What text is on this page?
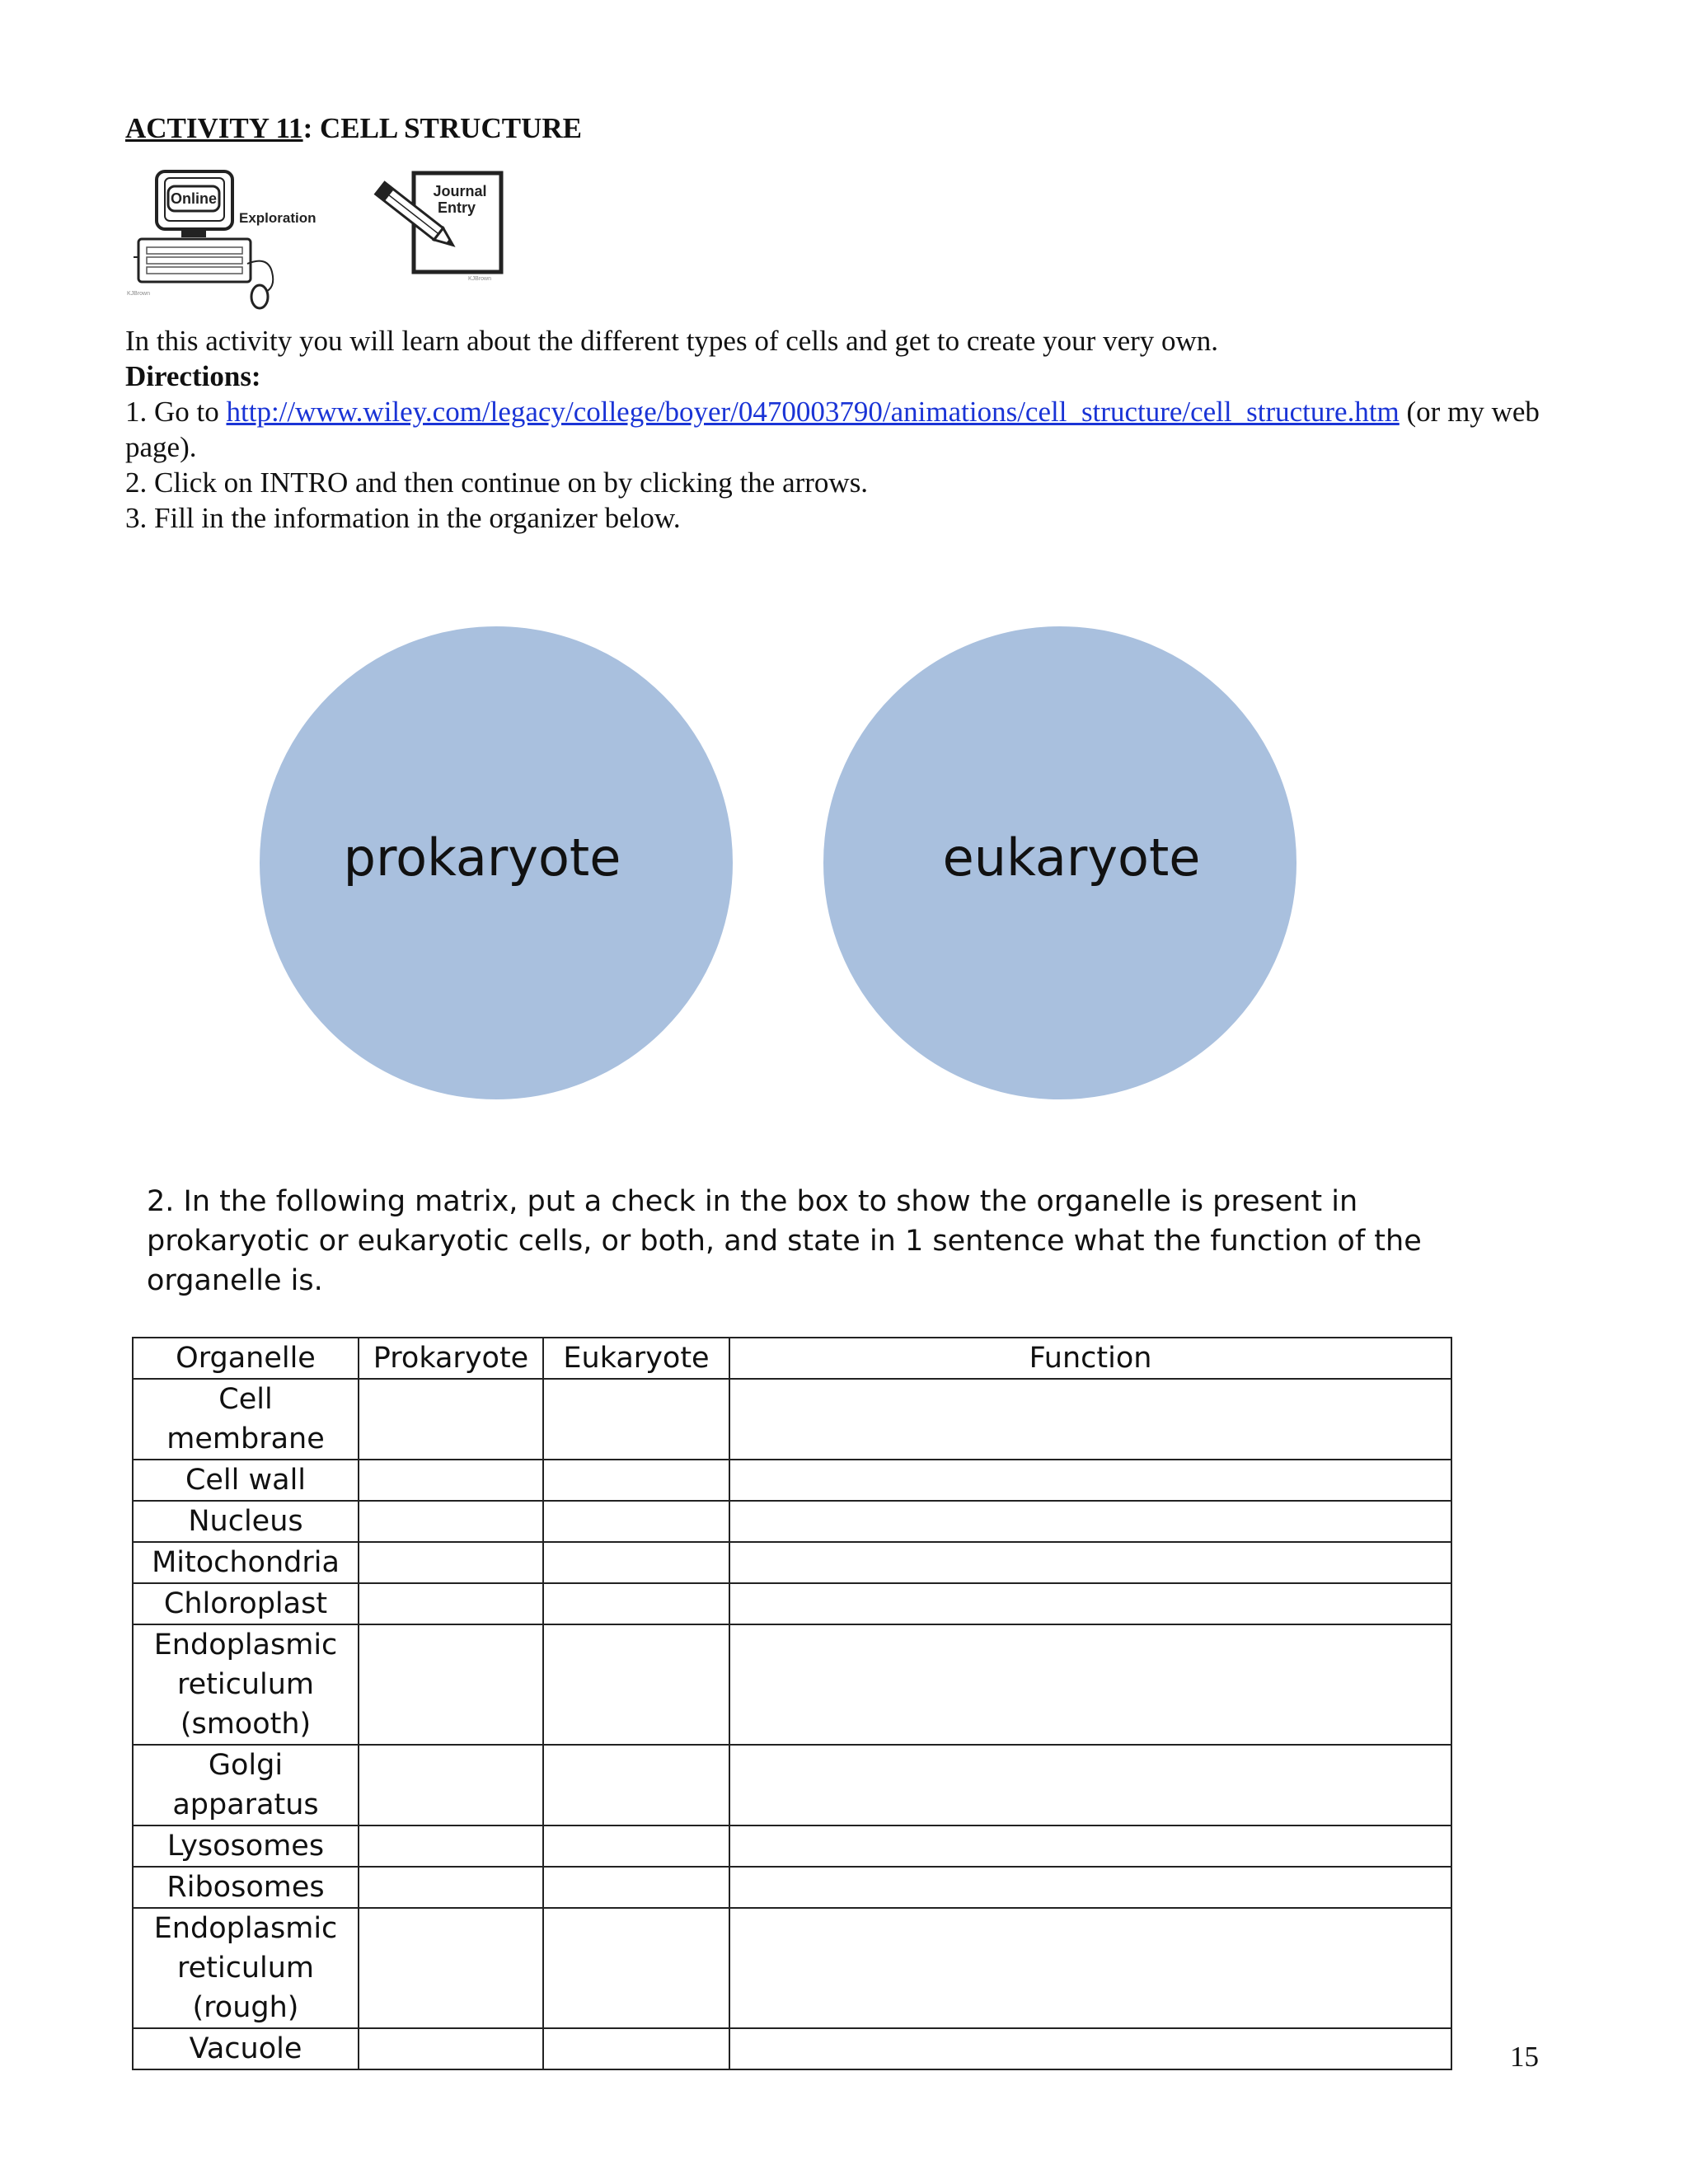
ACTIVITY 11: CELL STRUCTURE
Online
Exploration
KJBrown
Journal
Entry
KJBrown
In this activity you will learn about the different types of cells and get to create your very own.
Directions:
1. Go to http://www.wiley.com/legacy/college/boyer/0470003790/animations/cell_structure/cell_structure.htm (or my web page).
2. Click on INTRO and then continue on by clicking the arrows.
3. Fill in the information in the organizer below.
prokaryote	eukaryote
2. In the following matrix, put a check in the box to show the organelle is present in prokaryotic or eukaryotic cells, or both, and state in 1 sentence what the function of the organelle is.
Organelle	Prokaryote	Eukaryote	Function
Cell membrane			
Cell wall			
Nucleus			
Mitochondria			
Chloroplast			
Endoplasmic reticulum (smooth)			
Golgi apparatus			
Lysosomes			
Ribosomes			
Endoplasmic reticulum (rough)			
Vacuole				15
